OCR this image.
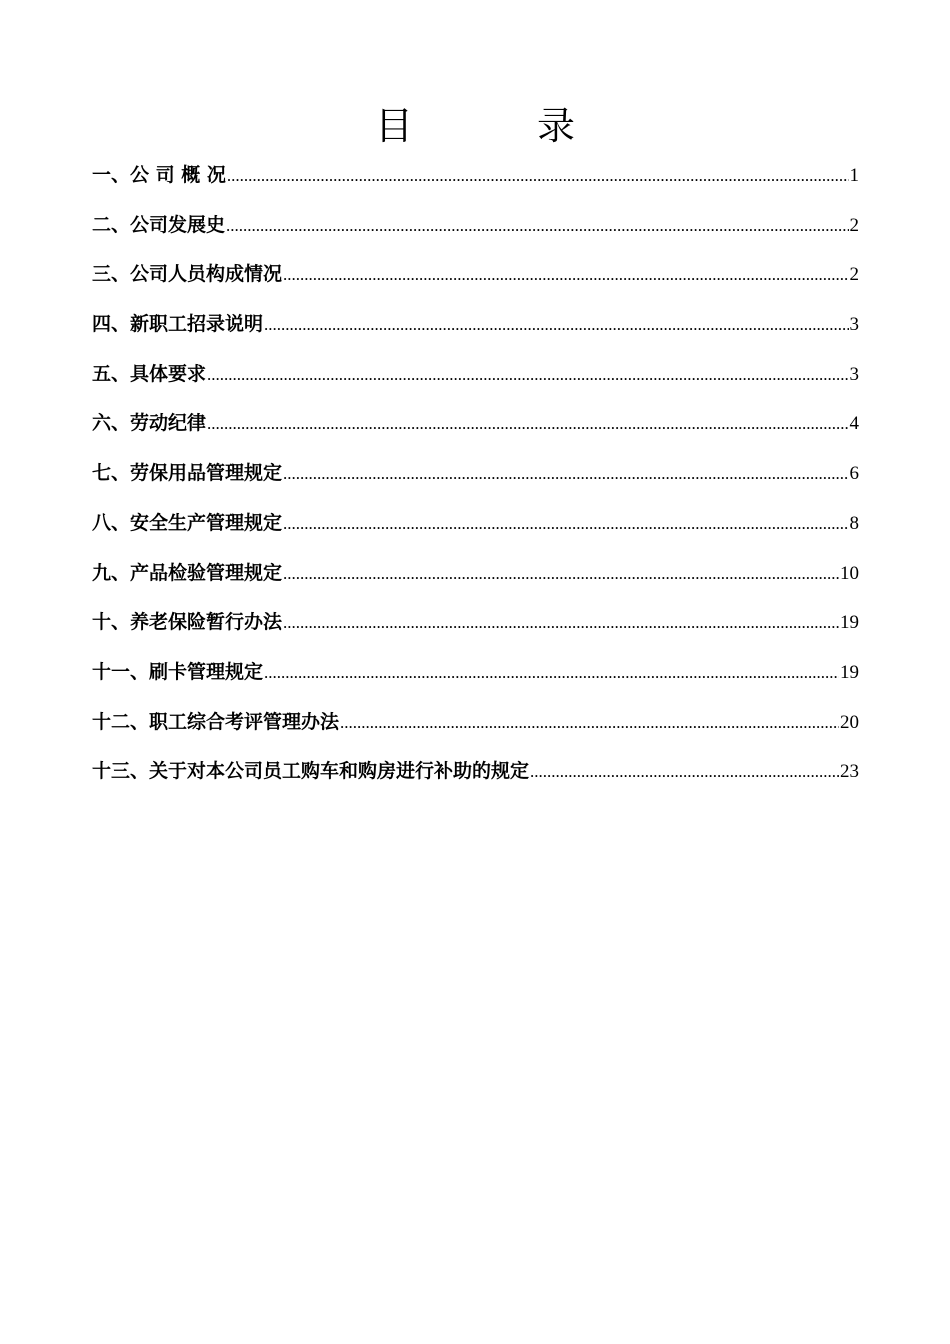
目 录
一、公 司 概 况 .....	1
二、公司发展史 .....	2
三、公司人员构成情况 .....	2
四、新职工招录说明 .....	3
五、具体要求 .....	3
六、劳动纪律 .....	4
七、劳保用品管理规定 .....	6
八、安全生产管理规定 .....	8
九、产品检验管理规定 .....	10
十、养老保险暂行办法 .....	19
十一、刷卡管理规定 .....	19
十二、职工综合考评管理办法 .....	20
十三、关于对本公司员工购车和购房进行补助的规定 .....	23
